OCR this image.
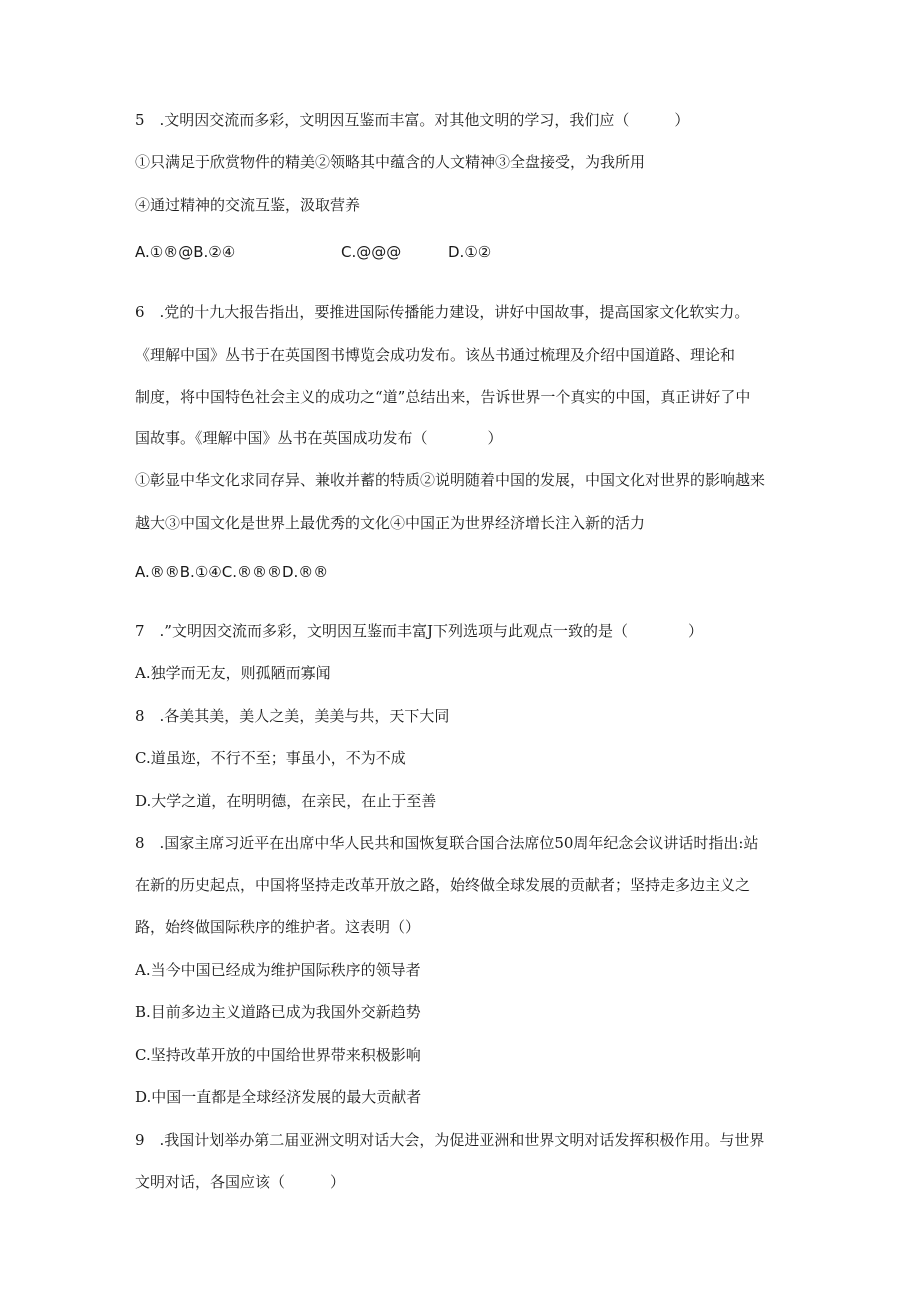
5　.文明因交流而多彩，文明因互鉴而丰富。对其他文明的学习，我们应（　　　）
①只满足于欣赏物件的精美②领略其中蕴含的人文精神③全盘接受，为我所用
④通过精神的交流互鉴，汲取营养
A.①®@B.②④	C.@@@	D.①②
6　.党的十九大报告指出，要推进国际传播能力建设，讲好中国故事，提高国家文化软实力。
《理解中国》丛书于在英国图书博览会成功发布。该丛书通过梳理及介绍中国道路、理论和
制度，将中国特色社会主义的成功之“道”总结出来，告诉世界一个真实的中国，真正讲好了中
国故事。《理解中国》丛书在英国成功发布（　　　　）
①彰显中华文化求同存异、兼收并蓄的特质②说明随着中国的发展，中国文化对世界的影响越来
越大③中国文化是世界上最优秀的文化④中国正为世界经济增长注入新的活力
A.®®B.①④C.®®®D.®®
7　.”文明因交流而多彩，文明因互鉴而丰富J下列选项与此观点一致的是（　　　　）
A.独学而无友，则孤陋而寡闻
8　.各美其美，美人之美，美美与共，天下大同
C.道虽迩，不行不至；事虽小，不为不成
D.大学之道，在明明德，在亲民，在止于至善
8　.国家主席习近平在出席中华人民共和国恢复联合国合法席位50周年纪念会议讲话时指出:站
在新的历史起点，中国将坚持走改革开放之路，始终做全球发展的贡献者；坚持走多边主义之
路，始终做国际秩序的维护者。这表明（）
A.当今中国已经成为维护国际秩序的领导者
B.目前多边主义道路已成为我国外交新趋势
C.坚持改革开放的中国给世界带来积极影响
D.中国一直都是全球经济发展的最大贡献者
9　.我国计划举办第二届亚洲文明对话大会，为促进亚洲和世界文明对话发挥积极作用。与世界
文明对话，各国应该（　　　）
